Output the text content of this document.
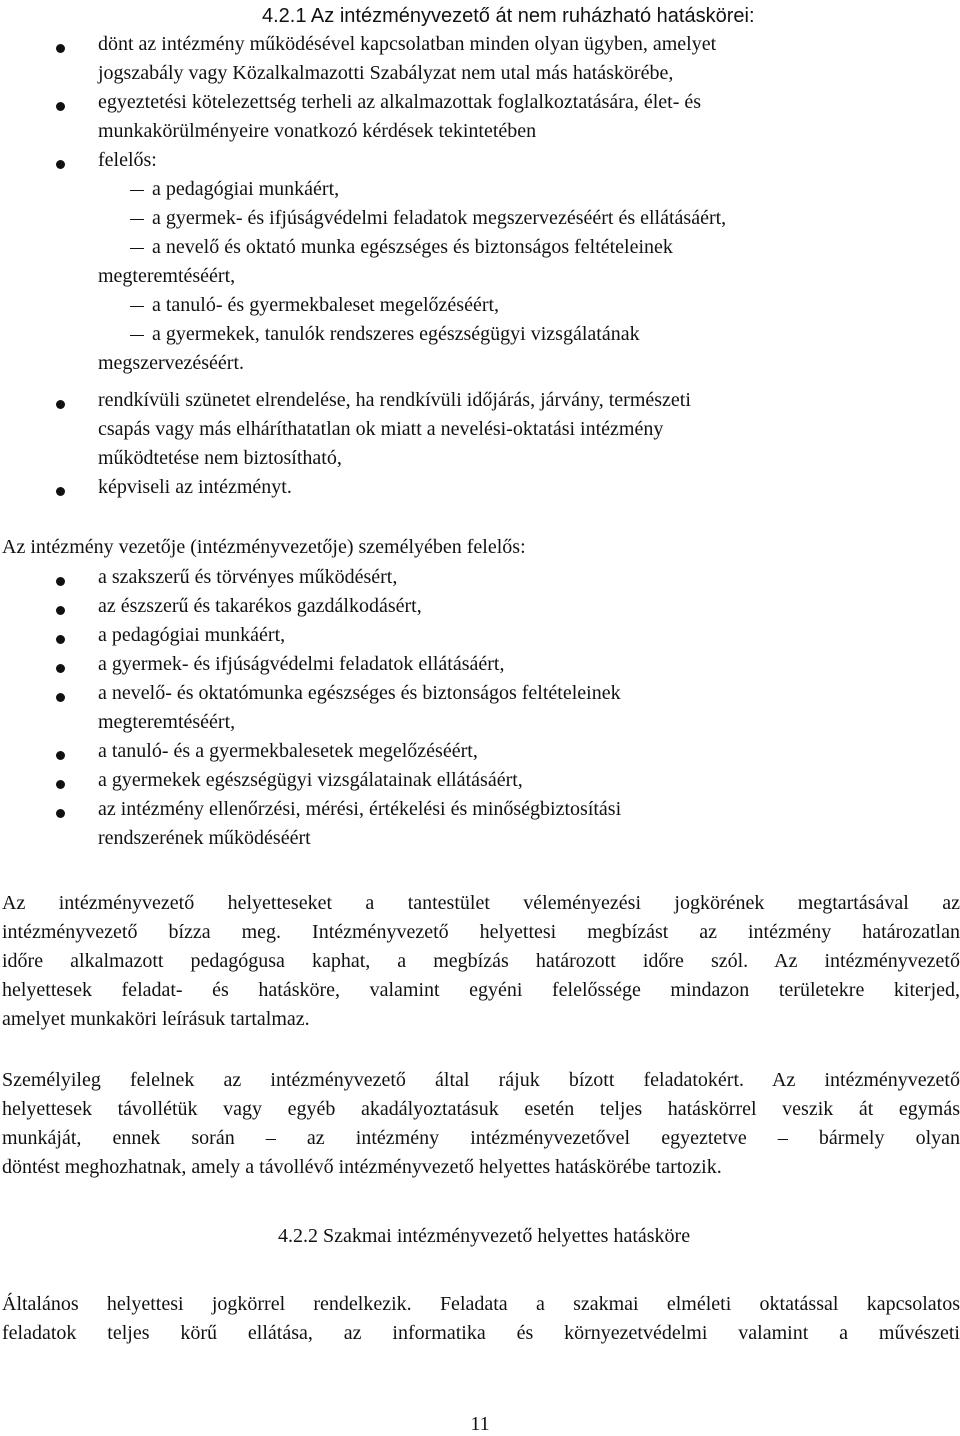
4.2.1 Az intézményvezető át nem ruházható hatáskörei:
dönt az intézmény működésével kapcsolatban minden olyan ügyben, amelyet
jogszabály vagy Közalkalmazotti Szabályzat nem utal más hatáskörébe,
egyeztetési kötelezettség terheli az alkalmazottak foglalkoztatására, élet- és
munkakörülményeire vonatkozó kérdések tekintetében
felelős:
a pedagógiai munkáért,
a gyermek- és ifjúságvédelmi feladatok megszervezéséért és ellátásáért,
a nevelő és oktató munka egészséges és biztonságos feltételeinek
megteremtéséért,
a tanuló- és gyermekbaleset megelőzéséért,
a gyermekek, tanulók rendszeres egészségügyi vizsgálatának
megszervezéséért.
rendkívüli szünetet elrendelése, ha rendkívüli időjárás, járvány, természeti
csapás vagy más elháríthatatlan ok miatt a nevelési-oktatási intézmény
működtetése nem biztosítható,
képviseli az intézményt.
Az intézmény vezetője (intézményvezetője) személyében felelős:
a szakszerű és törvényes működésért,
az észszerű és takarékos gazdálkodásért,
a pedagógiai munkáért,
a gyermek- és ifjúságvédelmi feladatok ellátásáért,
a nevelő- és oktatómunka egészséges és biztonságos feltételeinek
megteremtéséért,
a tanuló- és a gyermekbalesetek megelőzéséért,
a gyermekek egészségügyi vizsgálatainak ellátásáért,
az intézmény ellenőrzési, mérési, értékelési és minőségbiztosítási
rendszerének működéséért
Az intézményvezető helyetteseket a tantestület véleményezési jogkörének megtartásával az
intézményvezető bízza meg. Intézményvezető helyettesi megbízást az intézmény határozatlan
időre alkalmazott pedagógusa kaphat, a megbízás határozott időre szól. Az intézményvezető
helyettesek feladat- és hatásköre, valamint egyéni felelőssége mindazon területekre kiterjed,
amelyet munkaköri leírásuk tartalmaz.
Személyileg felelnek az intézményvezető által rájuk bízott feladatokért. Az intézményvezető
helyettesek távollétük vagy egyéb akadályoztatásuk esetén teljes hatáskörrel veszik át egymás
munkáját, ennek során – az intézmény intézményvezetővel egyeztetve – bármely olyan
döntést meghozhatnak, amely a távollévő intézményvezető helyettes hatáskörébe tartozik.
4.2.2 Szakmai intézményvezető helyettes hatásköre
Általános helyettesi jogkörrel rendelkezik. Feladata a szakmai elméleti oktatással kapcsolatos
feladatok teljes körű ellátása, az informatika és környezetvédelmi valamint a művészeti
11
